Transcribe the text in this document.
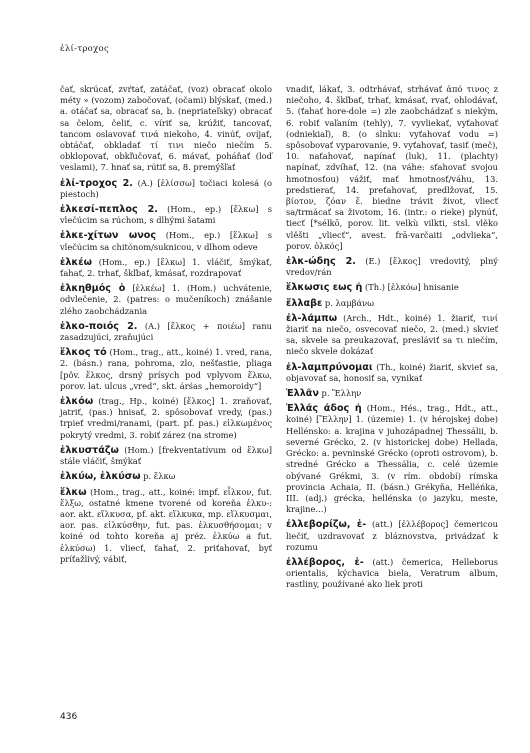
ἑλί-τροχος

čať, skrúcať, zvŕtať, zatáčať, (voz) obracať okolo méty » (vozom) zabočovať, (očami) blýskať, (med.) a. otáčať sa, obracať sa, b. (nepriateľsky) obracať sa čelom, čeliť, c. víriť sa, krúžiť, tancovať, tancom oslavovať τινά niekoho, 4. vinúť, ovíjať, obtáčať, obkladať τί τινι niečo niečím 5. obklopovať, obkľučovať, 6. mávať, poháňať (loď veslami), 7. hnať sa, rútiť sa, 8. premýšľať

ἑλί-τροχος 2. (A.) [ἑλίσσω] točiaci kolesá (o piestoch)

ἑλκεσί-πεπλος 2. (Hom., ep.) [ἕλκω] s vlečúcim sa rúchom, s dlhými šatami

ἑλκε-χίτων ωνος (Hom., ep.) [ἕλκω] s vlečúcim sa chitónom/suknicou, v dlhom odeve

ἑλκέω (Hom., ep.) [ἕλκω] 1. vláčiť, šmýkať, ťahať, 2. trhať, škľbať, kmásať, rozdrapovať

ἑλκηθμός ὁ [ἑλκέω] 1. (Hom.) uchvátenie, odvlečenie, 2. (patres: o mučeníkoch) znášanie zlého zaobchádzania

ἑλκο-ποιός 2. (A.) [ἕλκος + ποιέω] ranu zasadzujúci, zraňujúci

ἕλκος τό (Hom., trag., att., koiné) 1. vred, rana, 2. (básn.) rana, pohroma, zlo, nešťastie, pliaga [pôv. ἕλκος, drsný prísych pod vplyvom ἕλκω, porov. lat. ulcus „vred“, skt. árśas „hemoroidy“]

ἑλκόω (trag., Hp., koiné) [ἕλκος] 1. zraňovať, jatriť, (pas.) hnisať, 2. spôsobovať vredy, (pas.) trpieť vredmi/ranami, (part. pf. pas.) εἱλκωμένος pokrytý vredmi, 3. robiť zárez (na strome)

ἑλκυστάζω (Hom.) [frekventatívum od ἕλκω] stále vláčiť, šmýkať

ἑλκύω, ἑλκύσω p. ἕλκω

ἕλκω (Hom., trag., att., koiné: impf. εἷλκον, fut. ἕλξω, ostatné kmene tvorené od koreňa ἑλκυ-: aor. akt. εἵλκυσα, pf. akt. εἵλκυκα, mp. εἵλκυσμαι, aor. pas. εἱλκύσθην, fut. pas. ἑλκυσθήσομαι; v koiné od tohto koreňa aj préz. ἑλκύω a fut. ἑλκύσω) 1. vliecť, ťahať, 2. priťahovať, byť príťažlivý, vábiť,

vnadiť, lákať, 3. odtrhávať, strhávať ἀπό τινος z niečoho, 4. škľbať, trhať, kmásať, rvať, ohlodávať, 5. (ťahať hore-dole =) zle zaobchádzať s niekým, 6. robiť vaľaním (tehly), 7. vyvliekať, vyťahovať (odniekiaľ), 8. (o slnku: vyťahovať vodu =) spôsobovať vyparovanie, 9. vyťahovať, tasiť (meč), 10. naťahovať, napínať (luk), 11. (plachty) napínať, zdvíhať, 12. (na váhe: sťahovať svojou hmotnosťou) vážiť, mať hmotnosť/váhu, 13. predstierať, 14. preťahovať, predlžovať, 15. βίοτον, ζόαν ἕ. biedne trávit život, vliecť sa/trmácať sa životom, 16. (intr.: o rieke) plynúť, tiecť [*sélkō, porov. lit. velkù vilkti, stsl. vlěko vlěšti „vliecť“, avest. frā-varčaiti „odvlieka“, porov. ὁλκός]

ἑλκ-ώδης 2. (E.) [ἕλκος] vredovitý, plný vredov/rán

ἕλκωσις εως ἡ (Th.) [ἑλκόω] hnisanie

ἔλλαβε p. λαμβάνω

ἐλ-λάμπω (Arch., Hdt., koiné) 1. žiariť, τινί žiariť na niečo, osvecovať niečo, 2. (med.) skvieť sa, skvele sa preukazovať, presláviť sa τι niečím, niečo skvele dokázať

ἐλ-λαμπρύνομαι (Th., koiné) žiariť, skvieť sa, objavovať sa, honosiť sa, vynikať

Ἑλλᾶν p. Ἕλλην

Ἑλλάς άδος ἡ (Hom., Hés., trag., Hdt., att., koiné) [Ἕλλην] 1. (územie) 1. (v hérojskej dobe) Hellénsko: a. krajina v juhozápadnej Thessálii, b. severné Grécko, 2. (v historickej dobe) Hellada, Grécko: a. pevninské Grécko (oproti ostrovom), b. stredné Grécko a Thessália, c. celé územie obývané Grékmi, 3. (v rím. období) rímska provincia Achaia, II. (básn.) Grékyňa, Helléńka, III. (adj.) grécka, hellénska (o jazyku, meste, krajine...)

ἐλλεβορίζω, ἑ- (att.) [ἐλλέβορος] čemericou liečiť, uzdravovať z bláznovstva, privádzať k rozumu

ἐλλέβορος, ἑ- (att.) čemerica, Helleborus orientalis, kýchavica biela, Veratrum album, rastliny, používané ako liek proti

436
